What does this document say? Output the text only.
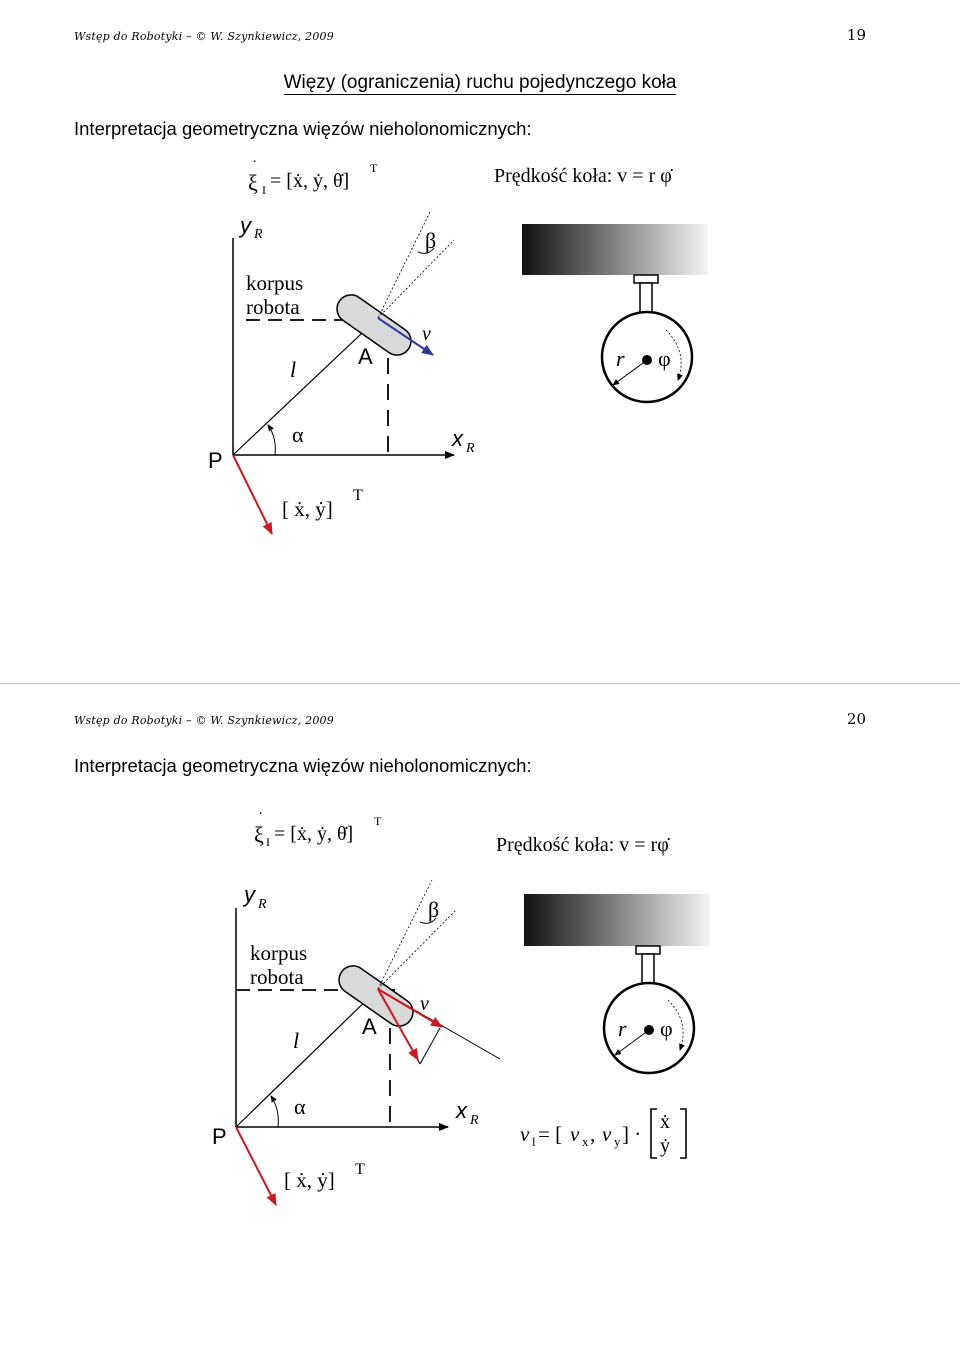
Wstęp do Robotyki – © W. Szynkiewicz, 2009	19
Więzy (ograniczenia) ruchu pojedynczego koła
Interpretacja geometryczna więzów nieholonomicznych:
ξ
˙
I = [ẋ, ẏ, θ̇]
T	Prędkość koła: v = r φ̇
y R
x R
korpus
robota
l
A
β
v
α
P
[ ẋ, ẏ]
T
r φ
Wstęp do Robotyki – © W. Szynkiewicz, 2009	20
Interpretacja geometryczna więzów nieholonomicznych:
ξ
˙
I = [ẋ, ẏ, θ̇]
T
Prędkość koła: v = rφ̇
y R
x R
korpus
robota
l
A
β
v
α
P
[ ẋ, ẏ] T
v l = [ v x , v y ] · ẋ
ẏ
r φ
